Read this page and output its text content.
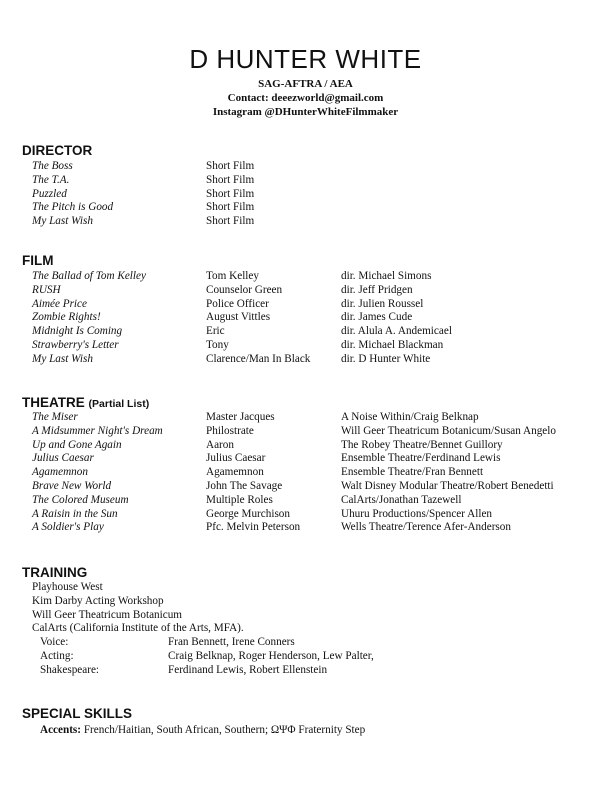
D HUNTER WHITE
SAG-AFTRA / AEA
Contact: deeezworld@gmail.com
Instagram @DHunterWhiteFilmmaker
DIRECTOR
The Boss	Short Film
The T.A.	Short Film
Puzzled	Short Film
The Pitch is Good	Short Film
My Last Wish	Short Film
FILM
The Ballad of Tom Kelley	Tom Kelley	dir. Michael Simons
RUSH	Counselor Green	dir. Jeff Pridgen
Aimée Price	Police Officer	dir. Julien Roussel
Zombie Rights!	August Vittles	dir. James Cude
Midnight Is Coming	Eric	dir. Alula A. Andemicael
Strawberry's Letter	Tony	dir. Michael Blackman
My Last Wish	Clarence/Man In Black	dir. D Hunter White
THEATRE (Partial List)
The Miser	Master Jacques	A Noise Within/Craig Belknap
A Midsummer Night's Dream	Philostrate	Will Geer Theatricum Botanicum/Susan Angelo
Up and Gone Again	Aaron	The Robey Theatre/Bennet Guillory
Julius Caesar	Julius Caesar	Ensemble Theatre/Ferdinand Lewis
Agamemnon	Agamemnon	Ensemble Theatre/Fran Bennett
Brave New World	John The Savage	Walt Disney Modular Theatre/Robert Benedetti
The Colored Museum	Multiple Roles	CalArts/Jonathan Tazewell
A Raisin in the Sun	George Murchison	Uhuru Productions/Spencer Allen
A Soldier's Play	Pfc. Melvin Peterson	Wells Theatre/Terence Afer-Anderson
TRAINING
Playhouse West
Kim Darby Acting Workshop
Will Geer Theatricum Botanicum
CalArts (California Institute of the Arts, MFA).
Voice:	Fran Bennett, Irene Conners
Acting:	Craig Belknap, Roger Henderson, Lew Palter,
Shakespeare:	Ferdinand Lewis, Robert Ellenstein
SPECIAL SKILLS
Accents: French/Haitian, South African, Southern; ΩΨΦ Fraternity Step
